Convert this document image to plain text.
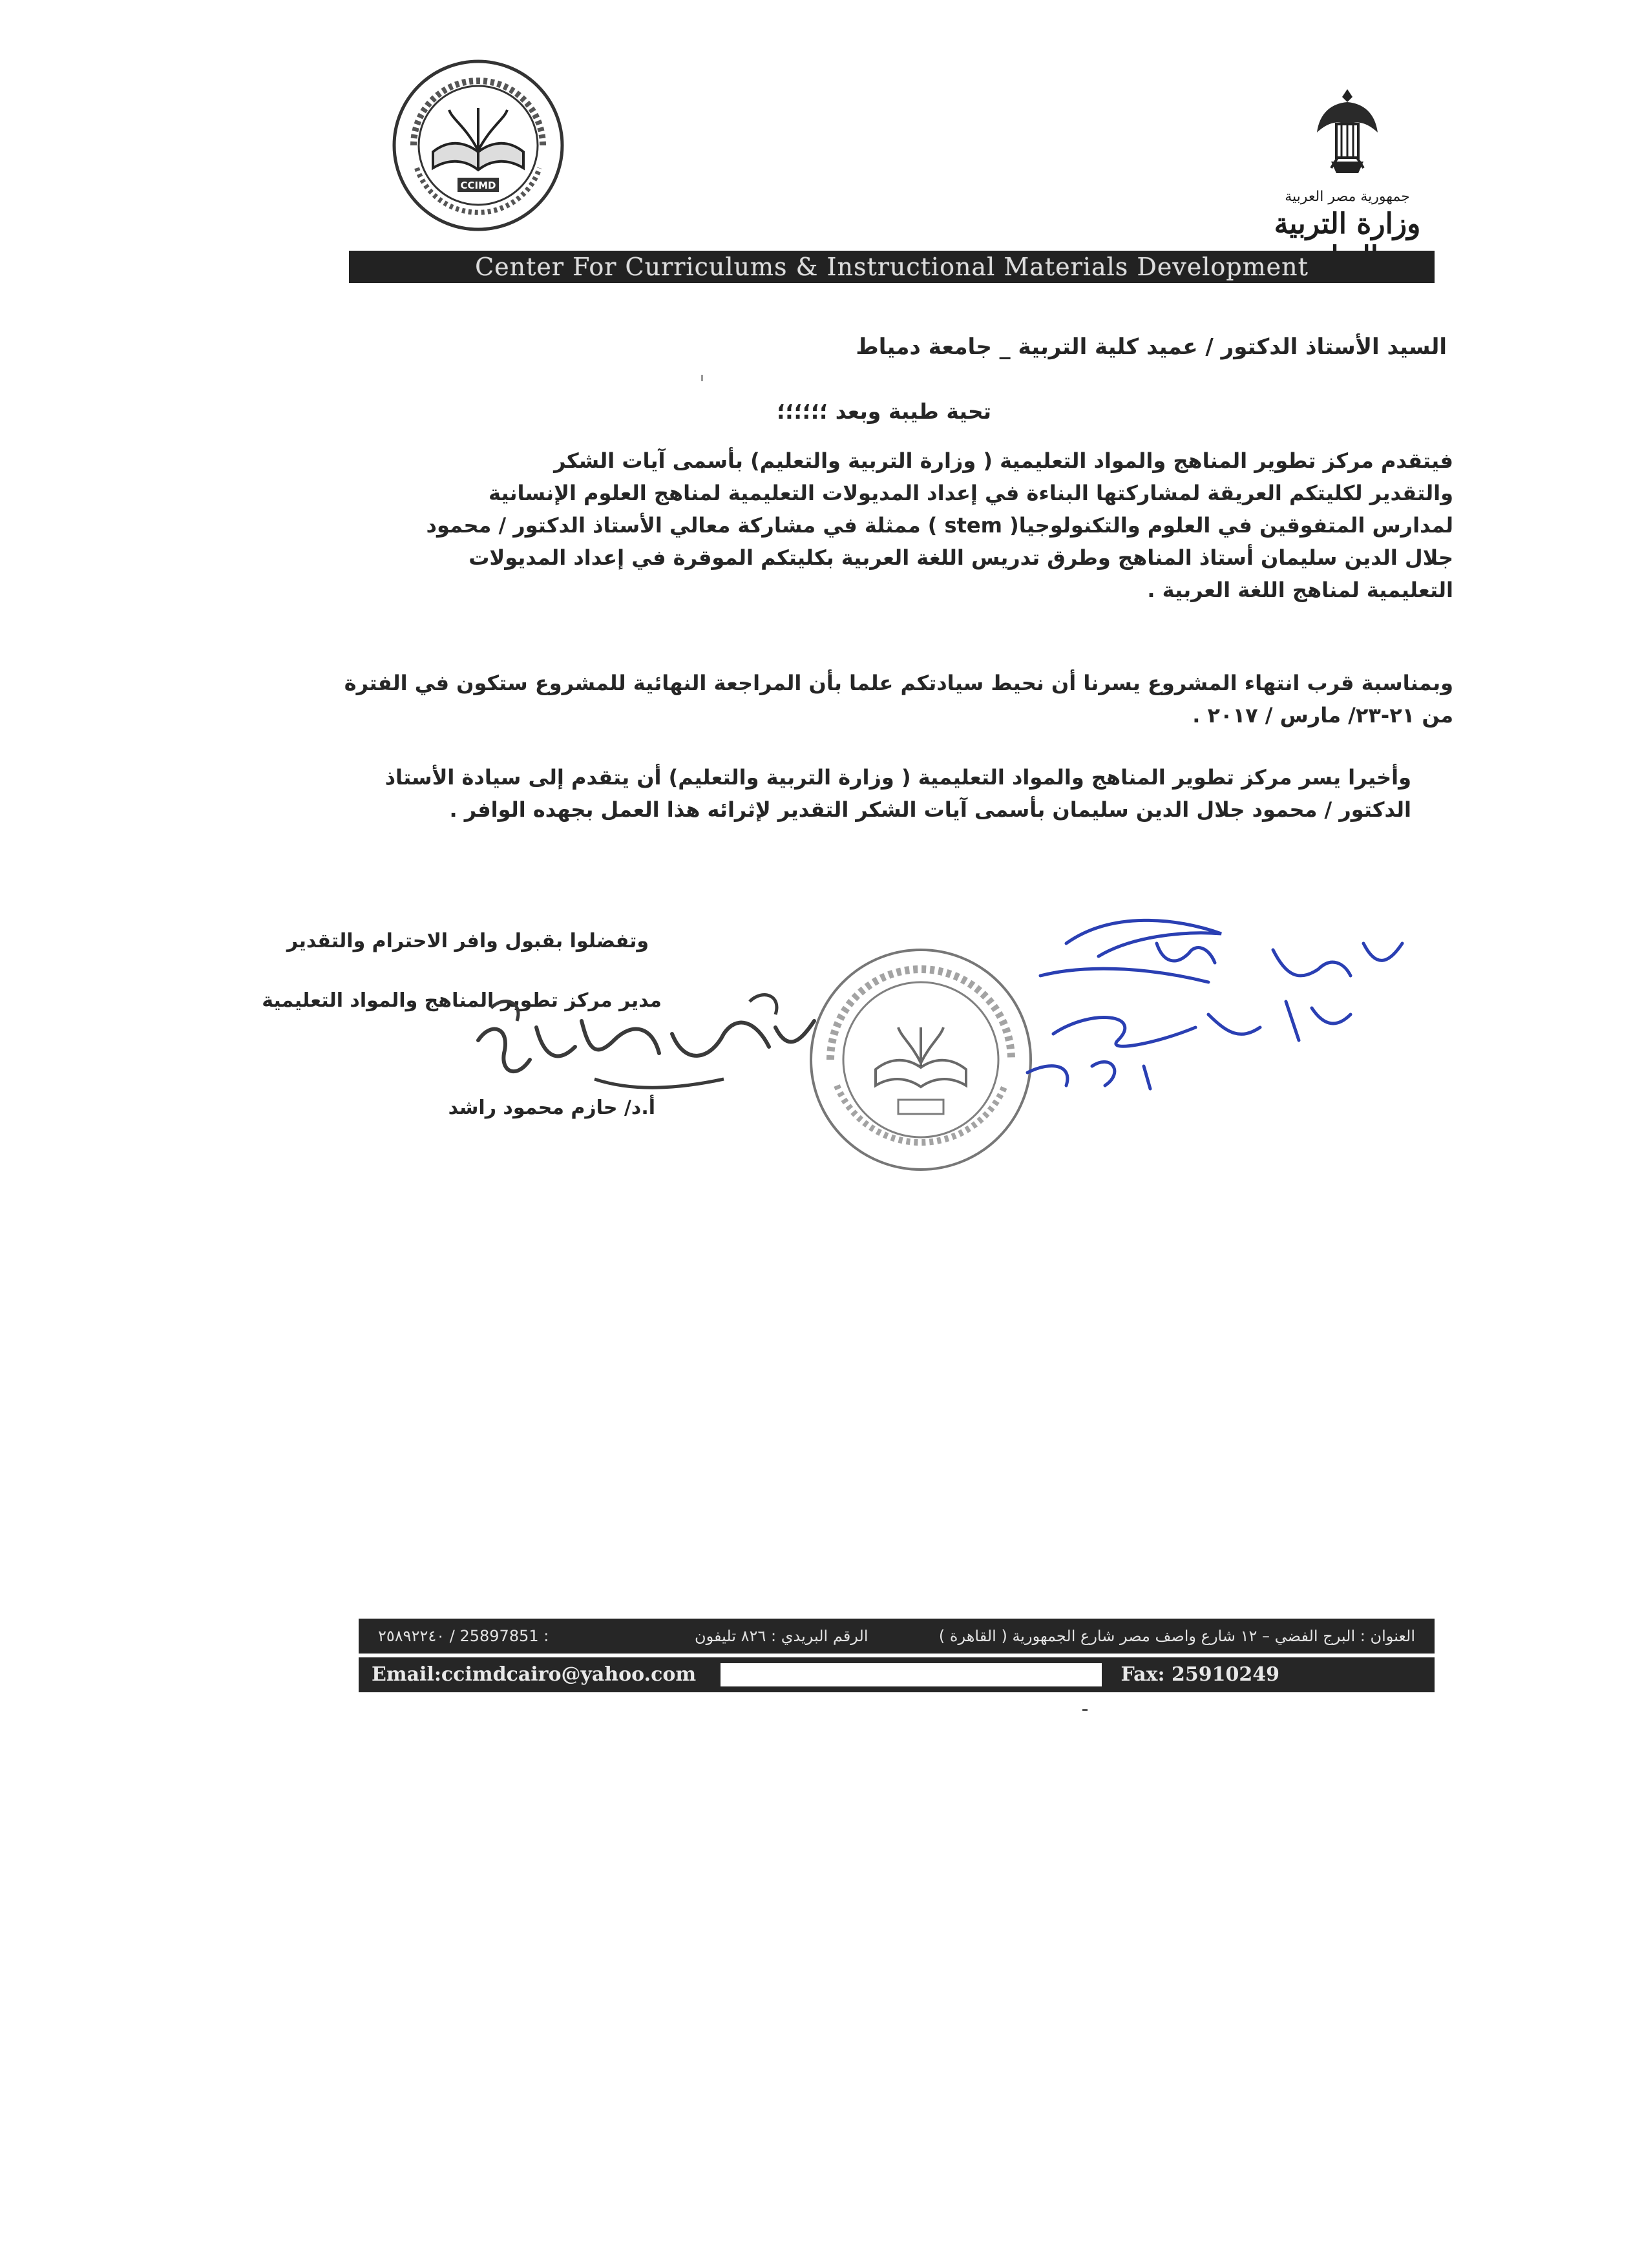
جمهورية مصر العربية
وزارة التربية
CCIMD
Center For Curriculums & Instructional Materials Development
السيد الأستاذ الدكتور / عميد كلية التربية _ جامعة دمياط
تحية طيبة وبعد ؛؛؛؛؛؛
فيتقدم مركز تطوير المناهج والمواد التعليمية ( وزارة التربية والتعليم) بأسمى آيات الشكر
والتقدير لكليتكم العريقة لمشاركتها البناءة في إعداد المديولات التعليمية لمناهج العلوم الإنسانية
لمدارس المتفوقين في العلوم والتكنولوجيا( stem ) ممثلة في مشاركة معالي الأستاذ الدكتور / محمود
جلال الدين سليمان أستاذ المناهج وطرق تدريس اللغة العربية بكليتكم الموقرة في إعداد المديولات
التعليمية لمناهج اللغة العربية .
وبمناسبة قرب انتهاء المشروع يسرنا أن نحيط سيادتكم علما بأن المراجعة النهائية للمشروع ستكون في الفترة
من ٢١-٢٣/ مارس / ٢٠١٧ .
وأخيرا يسر مركز تطوير المناهج والمواد التعليمية ( وزارة التربية والتعليم) أن يتقدم إلى سيادة الأستاذ
الدكتور / محمود جلال الدين سليمان بأسمى آيات الشكر التقدير لإثرائه هذا العمل بجهده الوافر .
وتفضلوا بقبول وافر الاحترام والتقدير
مدير مركز تطوير المناهج والمواد التعليمية
أ.د/ حازم محمود راشد
العنوان : البرج الفضي – ١٢ شارع واصف مصر شارع الجمهورية ( القاهرة )
الرقم البريدي : ٨٢٦ تليفون
: 25897851 / ٢٥٨٩٢٢٤٠
Email:ccimdcairo@yahoo.com	Fax: 25910249
